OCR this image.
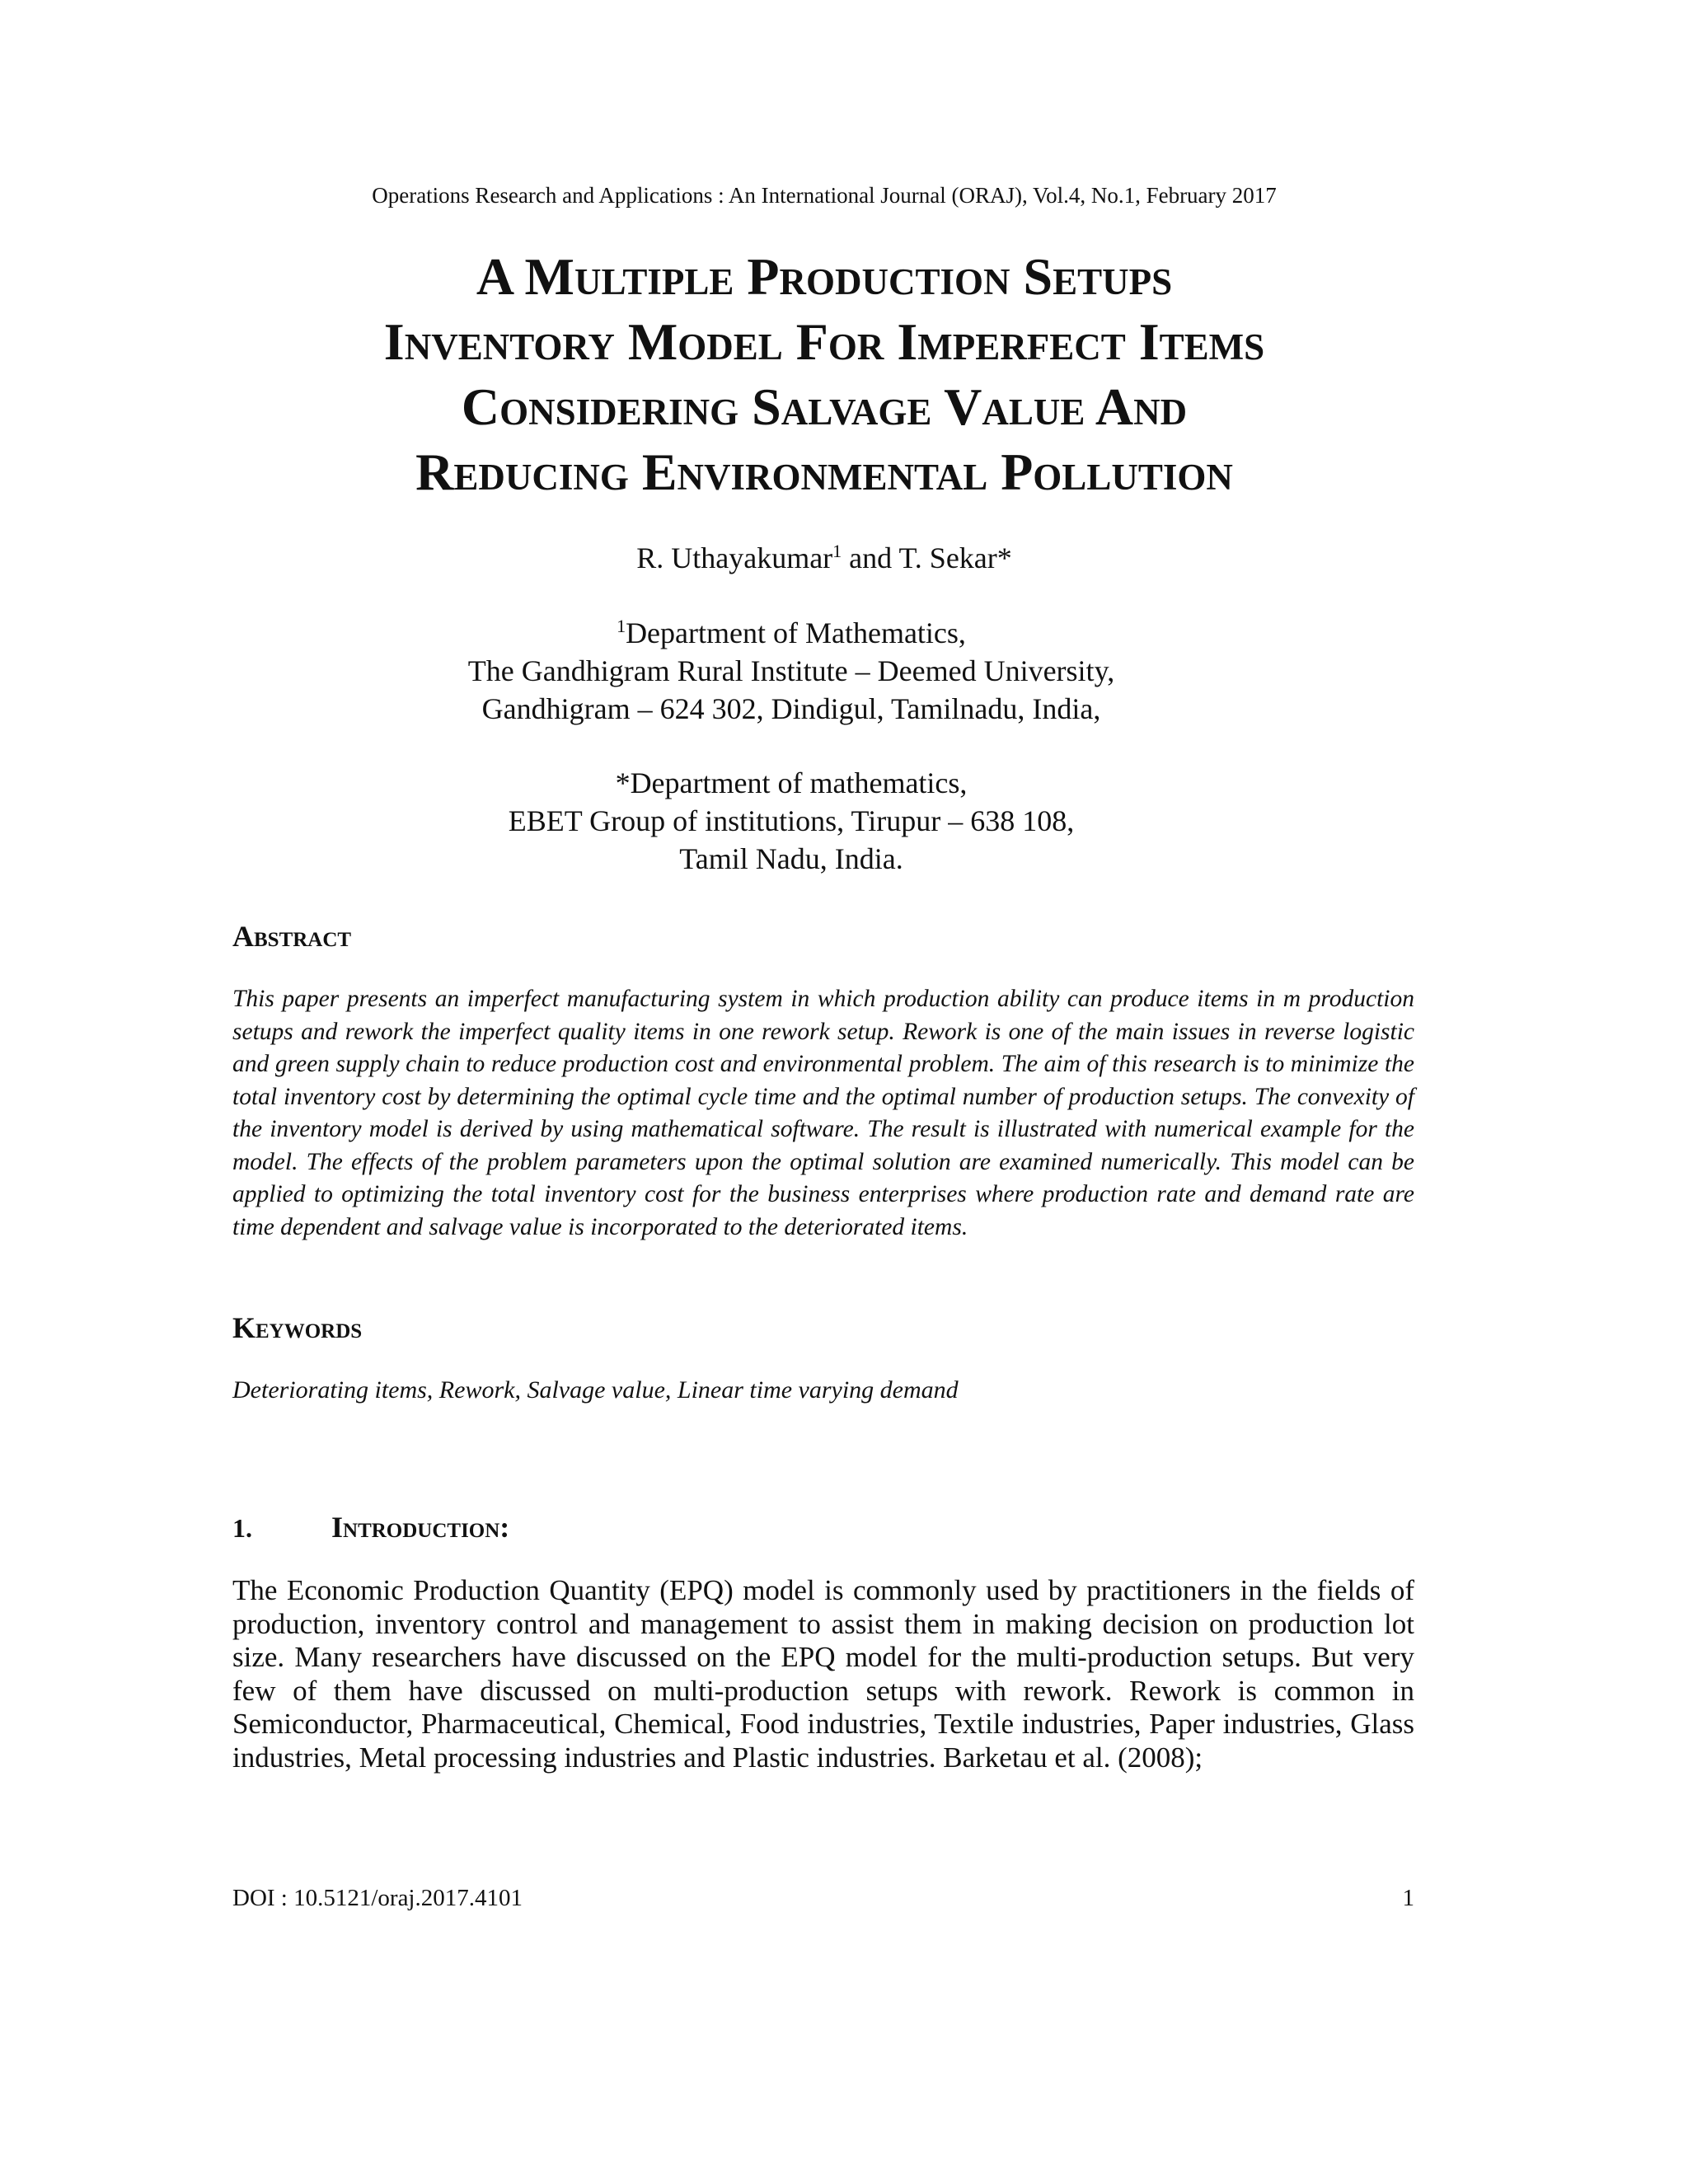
Operations Research and Applications : An International Journal (ORAJ), Vol.4, No.1, February 2017
A Multiple Production Setups
Inventory Model For Imperfect Items
Considering Salvage Value And
Reducing Environmental Pollution
R. Uthayakumar$^1$ and T. Sekar*
$^1$Department of Mathematics,
The Gandhigram Rural Institute – Deemed University,
Gandhigram – 624 302, Dindigul, Tamilnadu, India,
*Department of mathematics,
EBET Group of institutions, Tirupur – 638 108,
Tamil Nadu, India.
Abstract
This paper presents an imperfect manufacturing system in which production ability can produce items in m production setups and rework the imperfect quality items in one rework setup. Rework is one of the main issues in reverse logistic and green supply chain to reduce production cost and environmental problem. The aim of this research is to minimize the total inventory cost by determining the optimal cycle time and the optimal number of production setups. The convexity of the inventory model is derived by using mathematical software. The result is illustrated with numerical example for the model. The effects of the problem parameters upon the optimal solution are examined numerically. This model can be applied to optimizing the total inventory cost for the business enterprises where production rate and demand rate are time dependent and salvage value is incorporated to the deteriorated items.
Keywords
Deteriorating items, Rework, Salvage value, Linear time varying demand
1.	Introduction:
The Economic Production Quantity (EPQ) model is commonly used by practitioners in the fields of production, inventory control and management to assist them in making decision on production lot size. Many researchers have discussed on the EPQ model for the multi-production setups. But very few of them have discussed on multi-production setups with rework. Rework is common in Semiconductor, Pharmaceutical, Chemical, Food industries, Textile industries, Paper industries, Glass industries, Metal processing industries and Plastic industries. Barketau et al. (2008);
DOI : 10.5121/oraj.2017.4101	1
